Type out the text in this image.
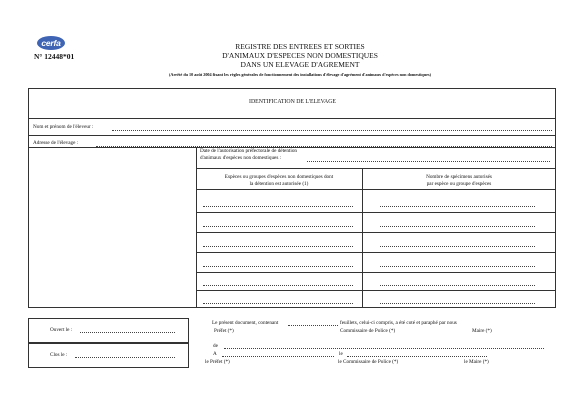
cerfa
N° 12448*01
REGISTRE DES ENTREES ET SORTIES
D'ANIMAUX D'ESPECES NON DOMESTIQUES
DANS UN ELEVAGE D'AGREMENT
(Arrêté du 10 août 2004 fixant les règles générales de fonctionnement des installations d'élevage d'agrément d'animaux d'espèces non domestiques)
IDENTIFICATION DE L'ELEVAGE
Nom et prénom de l'éleveur :
Adresse de l'élevage :
Date de l'autorisation préfectorale de détention
d'animaux d'espèces non domestiques :
Espèces ou groupes d'espèces non domestiques dont
la détention est autorisée (1)
Nombre de spécimens autorisés
par espèce ou groupe d'espèces
Ouvert le :
Clos le :
Le présent document, contenant	feuillets, celui-ci compris, a été coté et paraphé par nous
Préfet (*)	Commissaire de Police (*)	Maire (*)
de
A	le
le Préfet (*)	le Commissaire de Police (*)	le Maire (*)
